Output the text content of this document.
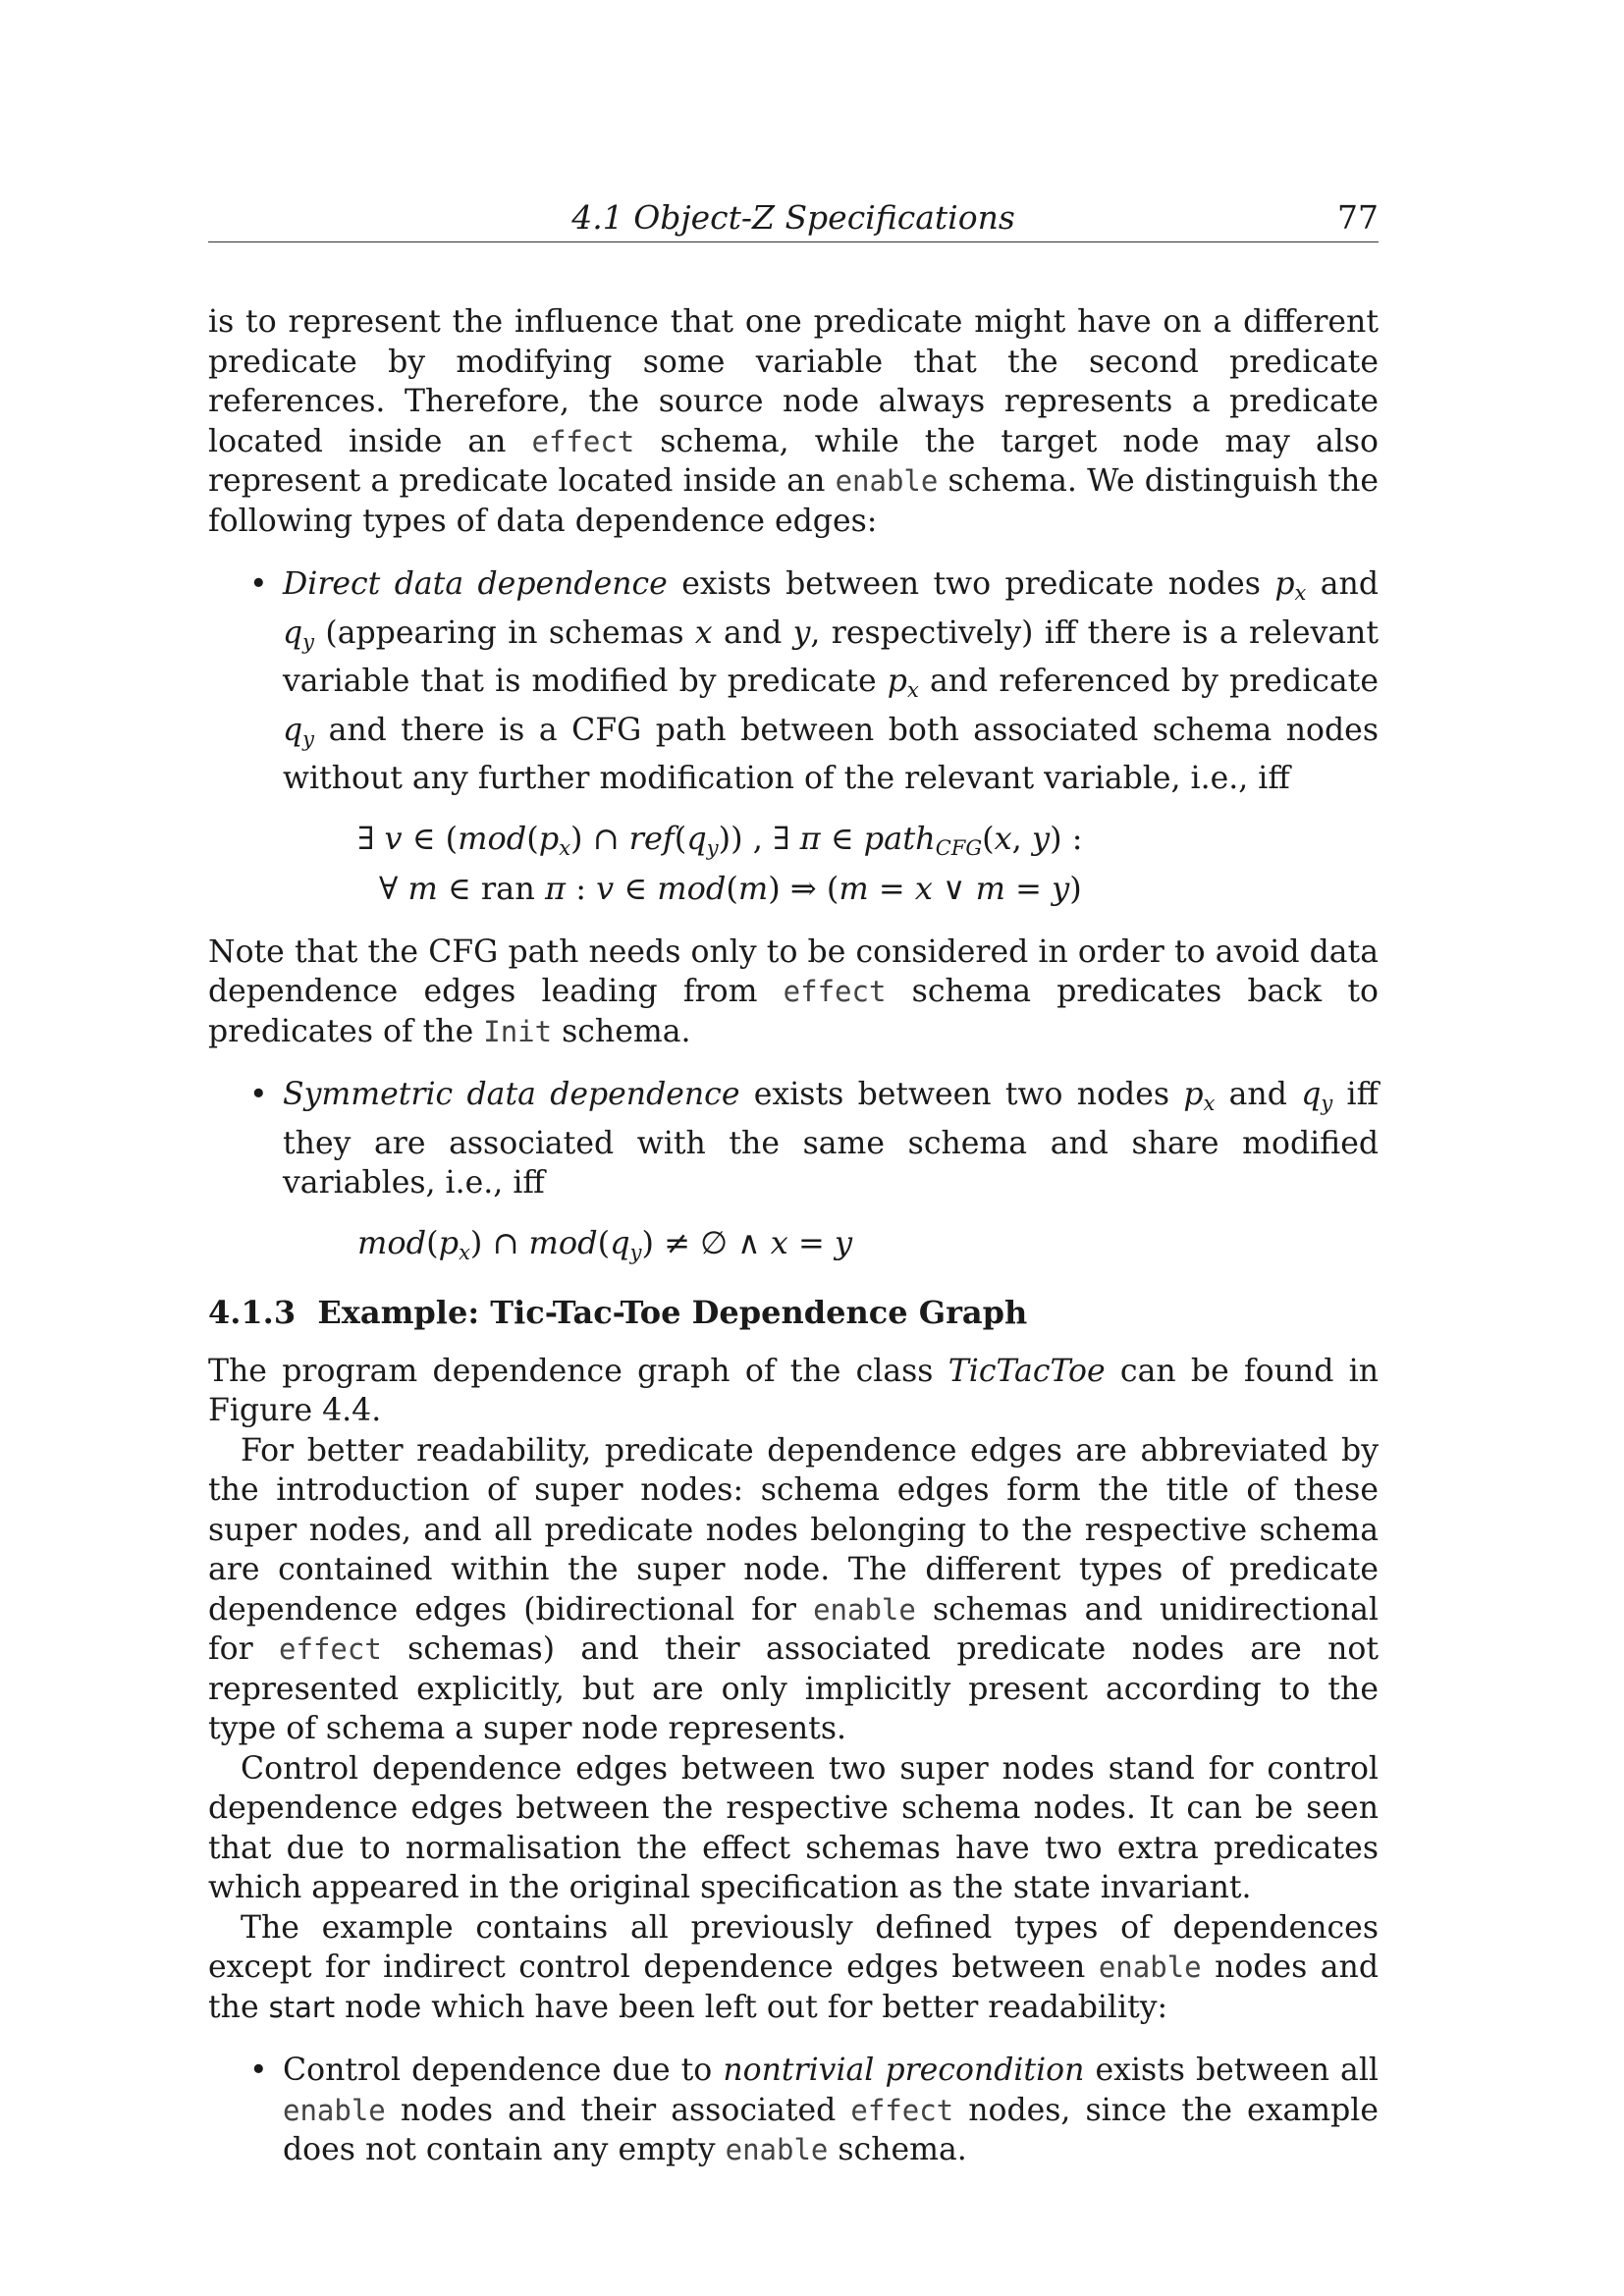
4.1 Object-Z Specifications	77

is to represent the influence that one predicate might have on a different predicate by modifying some variable that the second predicate references. Therefore, the source node always represents a predicate located inside an effect schema, while the target node may also represent a predicate located inside an enable schema. We distinguish the following types of data dependence edges:

• Direct data dependence exists between two predicate nodes $p_x$ and $q_y$ (appearing in schemas x and y, respectively) iff there is a relevant variable that is modified by predicate $p_x$ and referenced by predicate $q_y$ and there is a CFG path between both associated schema nodes without any further modification of the relevant variable, i.e., iff
∃ v ∈ ($mod(p_x)$ ∩ $ref(q_y)$) , ∃ π ∈ path$_{CFG}$(x, y) :
∀ m ∈ ran π : v ∈ mod(m) ⇒ (m = x ∨ m = y)

Note that the CFG path needs only to be considered in order to avoid data dependence edges leading from effect schema predicates back to predicates of the Init schema.

• Symmetric data dependence exists between two nodes $p_x$ and $q_y$ iff they are associated with the same schema and share modified variables, i.e., iff
$mod(p_x)$ ∩ $mod(q_y)$ ≠ ∅ ∧ x = y
4.1.3 Example: Tic-Tac-Toe Dependence Graph

The program dependence graph of the class TicTacToe can be found in Figure 4.4.

For better readability, predicate dependence edges are abbreviated by the introduction of super nodes: schema edges form the title of these super nodes, and all predicate nodes belonging to the respective schema are contained within the super node. The different types of predicate dependence edges (bidirectional for enable schemas and unidirectional for effect schemas) and their associated predicate nodes are not represented explicitly, but are only implicitly present according to the type of schema a super node represents.

Control dependence edges between two super nodes stand for control dependence edges between the respective schema nodes. It can be seen that due to normalisation the effect schemas have two extra predicates which appeared in the original specification as the state invariant.

The example contains all previously defined types of dependences except for indirect control dependence edges between enable nodes and the start node which have been left out for better readability:

• Control dependence due to nontrivial precondition exists between all enable nodes and their associated effect nodes, since the example does not contain any empty enable schema.
